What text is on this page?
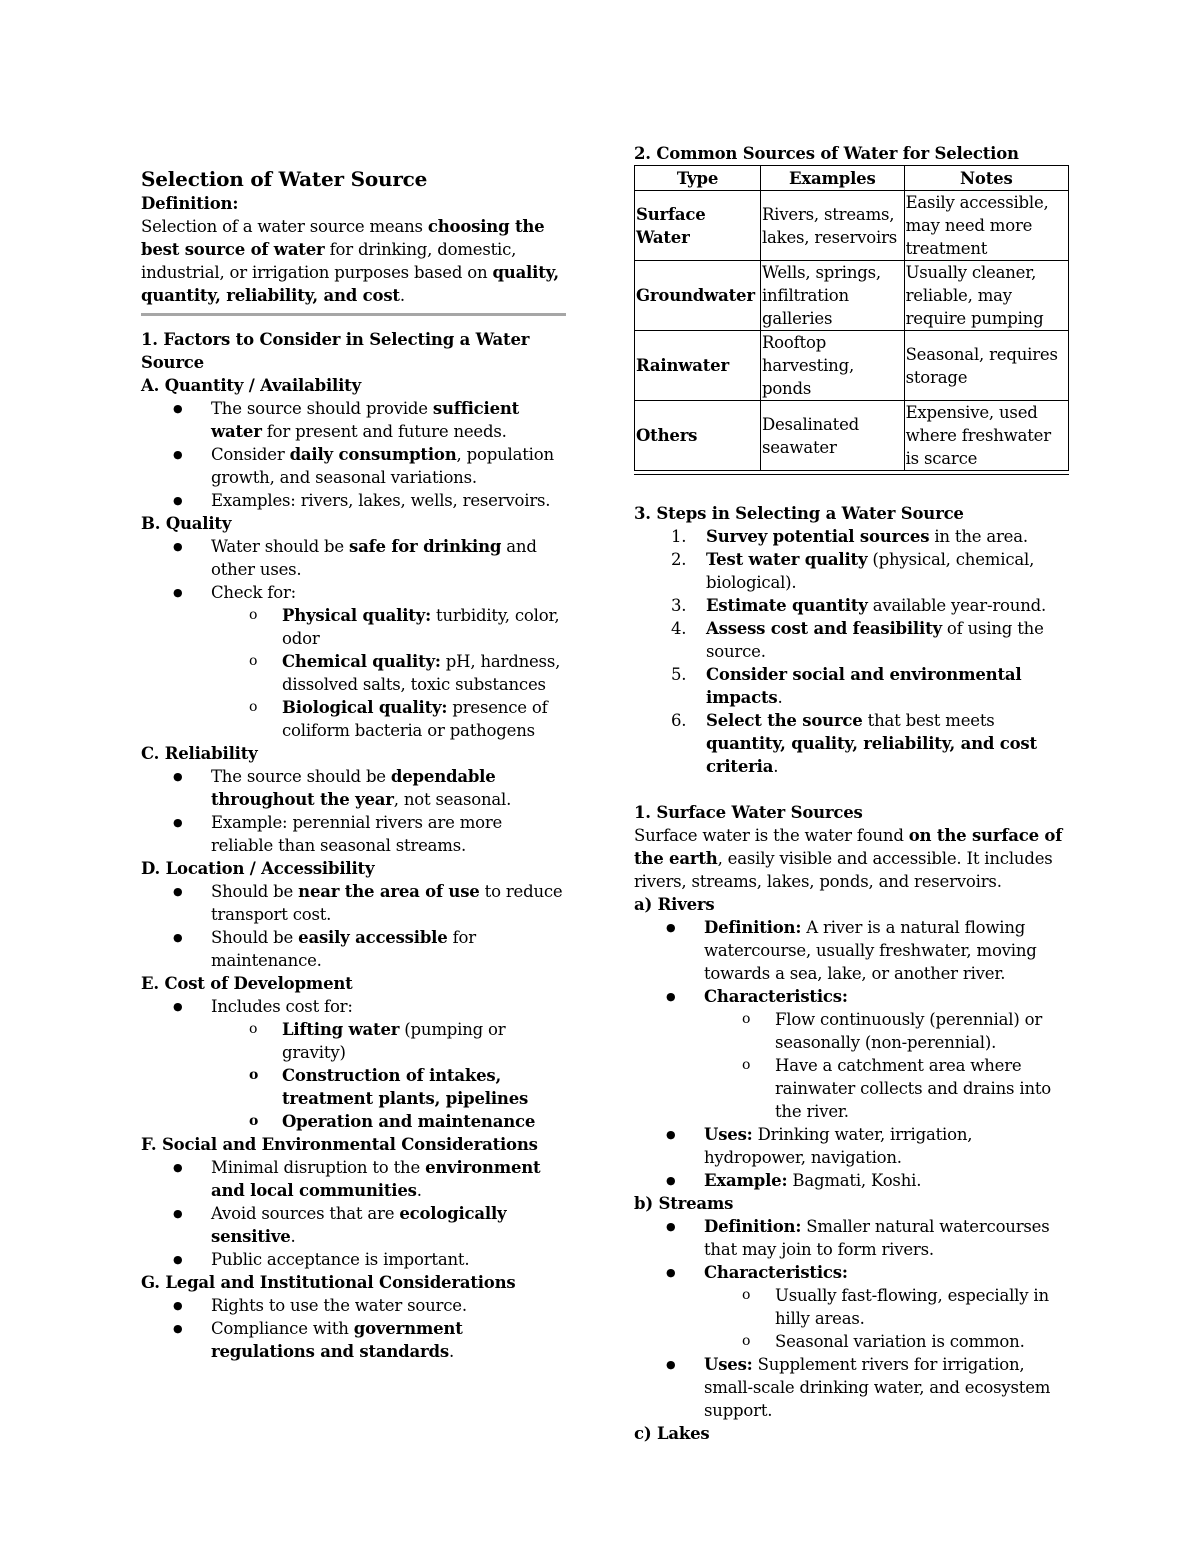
Selection of Water Source
Definition:

Selection of a water source means choosing the best source of water for drinking, domestic, industrial, or irrigation purposes based on quality, quantity, reliability, and cost.

1. Factors to Consider in Selecting a Water Source
A. Quantity / Availability
● The source should provide sufficient water for present and future needs.
● Consider daily consumption, population growth, and seasonal variations.
● Examples: rivers, lakes, wells, reservoirs.
B. Quality
● Water should be safe for drinking and other uses.
● Check for:
o Physical quality: turbidity, color, odor
o Chemical quality: pH, hardness, dissolved salts, toxic substances
o Biological quality: presence of coliform bacteria or pathogens
C. Reliability
● The source should be dependable throughout the year, not seasonal.
● Example: perennial rivers are more reliable than seasonal streams.
D. Location / Accessibility
● Should be near the area of use to reduce transport cost.
● Should be easily accessible for maintenance.
E. Cost of Development
● Includes cost for:
o Lifting water (pumping or gravity)
o Construction of intakes, treatment plants, pipelines
o Operation and maintenance
F. Social and Environmental Considerations
● Minimal disruption to the environment and local communities.
● Avoid sources that are ecologically sensitive.
● Public acceptance is important.
G. Legal and Institutional Considerations
● Rights to use the water source.
● Compliance with government regulations and standards.
2. Common Sources of Water for Selection
Type	Examples	Notes
Surface Water	Rivers, streams, lakes, reservoirs	Easily accessible, may need more treatment
Groundwater	Wells, springs, infiltration galleries	Usually cleaner, reliable, may require pumping
Rainwater	Rooftop harvesting, ponds	Seasonal, requires storage
Others	Desalinated seawater	Expensive, used where freshwater is scarce
3. Steps in Selecting a Water Source
1. Survey potential sources in the area.
2. Test water quality (physical, chemical, biological).
3. Estimate quantity available year-round.
4. Assess cost and feasibility of using the source.
5. Consider social and environmental impacts.
6. Select the source that best meets quantity, quality, reliability, and cost criteria.
1. Surface Water Sources

Surface water is the water found on the surface of the earth, easily visible and accessible. It includes rivers, streams, lakes, ponds, and reservoirs.

a) Rivers
● Definition: A river is a natural flowing watercourse, usually freshwater, moving towards a sea, lake, or another river.
● Characteristics:
o Flow continuously (perennial) or seasonally (non-perennial).
o Have a catchment area where rainwater collects and drains into the river.
● Uses: Drinking water, irrigation, hydropower, navigation.
● Example: Bagmati, Koshi.
b) Streams
● Definition: Smaller natural watercourses that may join to form rivers.
● Characteristics:
o Usually fast-flowing, especially in hilly areas.
o Seasonal variation is common.
● Uses: Supplement rivers for irrigation, small-scale drinking water, and ecosystem support.
c) Lakes
